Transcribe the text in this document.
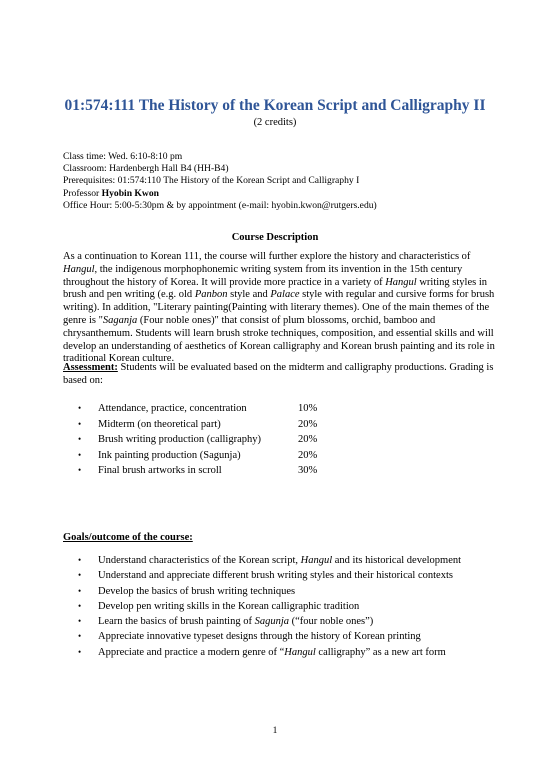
01:574:111 The History of the Korean Script and Calligraphy II
(2 credits)
Class time: Wed. 6:10-8:10 pm
Classroom: Hardenbergh Hall B4 (HH-B4)
Prerequisites: 01:574:110 The History of the Korean Script and Calligraphy I
Professor Hyobin Kwon
Office Hour: 5:00-5:30pm & by appointment (e-mail: hyobin.kwon@rutgers.edu)
Course Description

As a continuation to Korean 111, the course will further explore the history and characteristics of Hangul, the indigenous morphophonemic writing system from its invention in the 15th century throughout the history of Korea. It will provide more practice in a variety of Hangul writing styles in brush and pen writing (e.g. old Panbon style and Palace style with regular and cursive forms for brush writing). In addition, "Literary painting(Painting with literary themes). One of the main themes of the genre is "Saganja (Four noble ones)" that consist of plum blossoms, orchid, bamboo and chrysanthemum. Students will learn brush stroke techniques, composition, and essential skills and will develop an understanding of aesthetics of Korean calligraphy and Korean brush painting and its role in traditional Korean culture.

Assessment: Students will be evaluated based on the midterm and calligraphy productions. Grading is based on:
•	Attendance, practice, concentration	10%
•	Midterm (on theoretical part)	20%
•	Brush writing production (calligraphy)	20%
•	Ink painting production (Sagunja)	20%
•	Final brush artworks in scroll	30%
Goals/outcome of the course:
• Understand characteristics of the Korean script, Hangul and its historical development
• Understand and appreciate different brush writing styles and their historical contexts
• Develop the basics of brush writing techniques
• Develop pen writing skills in the Korean calligraphic tradition
• Learn the basics of brush painting of Sagunja (“four noble ones”)
• Appreciate innovative typeset designs through the history of Korean printing
• Appreciate and practice a modern genre of “Hangul calligraphy” as a new art form
1
